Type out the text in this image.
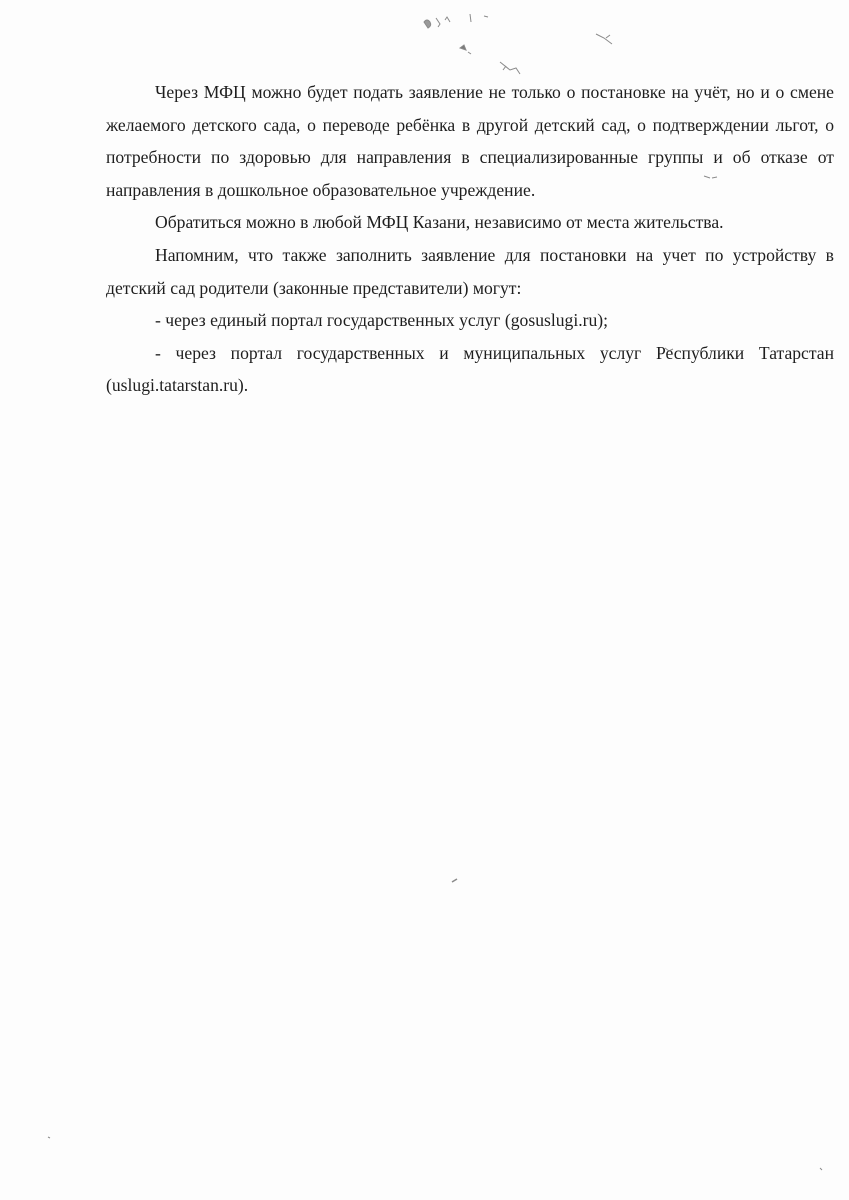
Через МФЦ можно будет подать заявление не только о постановке на учёт, но и о смене желаемого детского сада, о переводе ребёнка в другой детский сад, о подтверждении льгот, о потребности по здоровью для направления в специализированные группы и об отказе от направления в дошкольное образовательное учреждение.

Обратиться можно в любой МФЦ Казани, независимо от места жительства.

Напомним, что также заполнить заявление для постановки на учет по устройству в детский сад родители (законные представители) могут:

- через единый портал государственных услуг (gosuslugi.ru);

- через портал государственных и муниципальных услуг Республики Татарстан (uslugi.tatarstan.ru).
